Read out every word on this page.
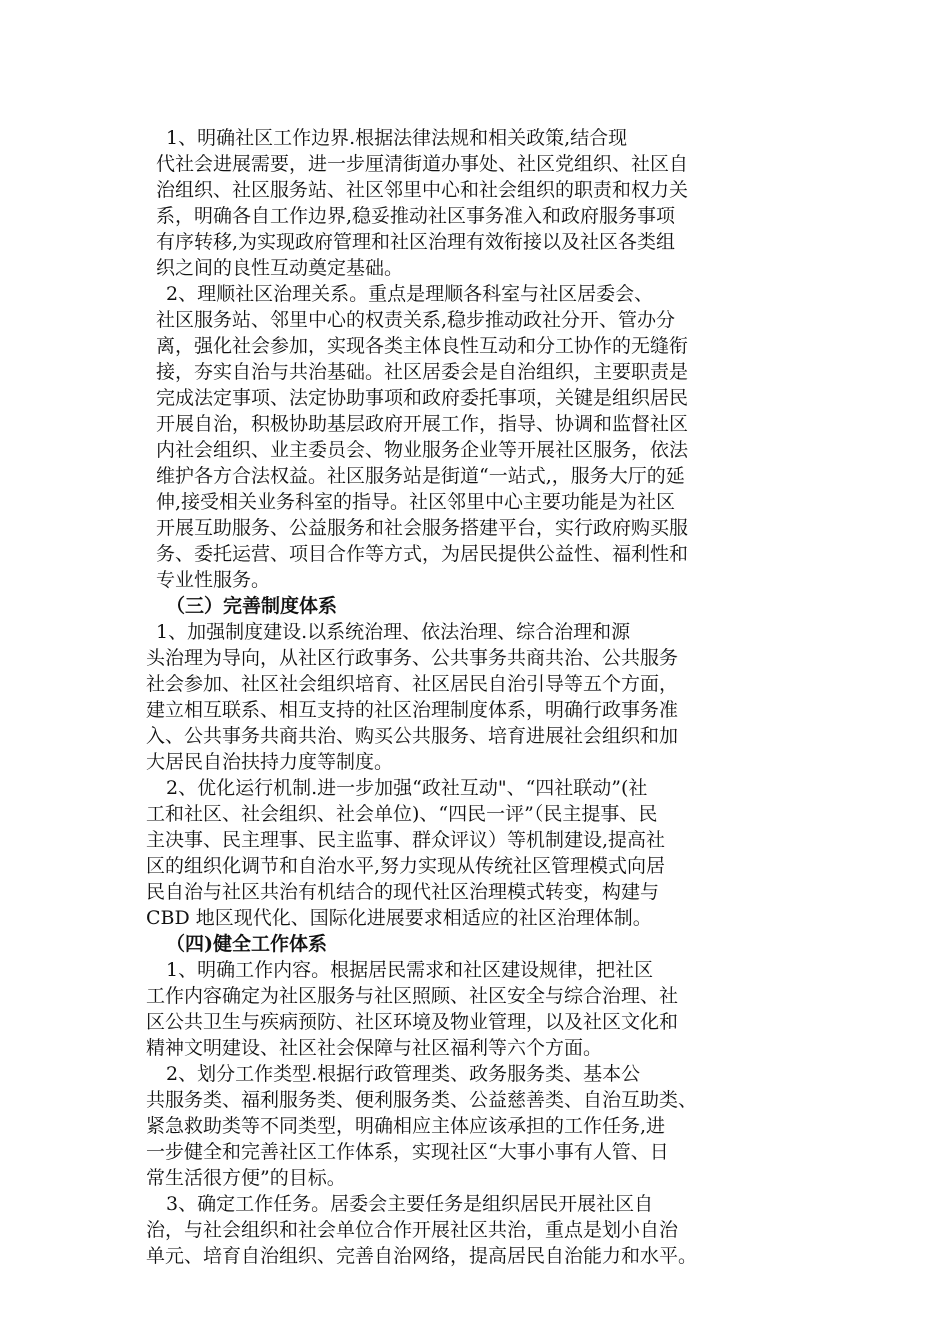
1、明确社区工作边界.根据法律法规和相关政策,结合现
代社会进展需要，进一步厘清街道办事处、社区党组织、社区自
治组织、社区服务站、社区邻里中心和社会组织的职责和权力关
系，明确各自工作边界,稳妥推动社区事务准入和政府服务事项
有序转移,为实现政府管理和社区治理有效衔接以及社区各类组
织之间的良性互动奠定基础。
2、理顺社区治理关系。重点是理顺各科室与社区居委会、
社区服务站、邻里中心的权责关系,稳步推动政社分开、管办分
离，强化社会参加，实现各类主体良性互动和分工协作的无缝衔
接，夯实自治与共治基础。社区居委会是自治组织，主要职责是
完成法定事项、法定协助事项和政府委托事项，关键是组织居民
开展自治，积极协助基层政府开展工作，指导、协调和监督社区
内社会组织、业主委员会、物业服务企业等开展社区服务，依法
维护各方合法权益。社区服务站是街道“一站式,，服务大厅的延
伸,接受相关业务科室的指导。社区邻里中心主要功能是为社区
开展互助服务、公益服务和社会服务搭建平台，实行政府购买服
务、委托运营、项目合作等方式，为居民提供公益性、福利性和
专业性服务。
（三）完善制度体系
1、加强制度建设.以系统治理、依法治理、综合治理和源
头治理为导向，从社区行政事务、公共事务共商共治、公共服务
社会参加、社区社会组织培育、社区居民自治引导等五个方面，
建立相互联系、相互支持的社区治理制度体系，明确行政事务准
入、公共事务共商共治、购买公共服务、培育进展社会组织和加
大居民自治扶持力度等制度。
2、优化运行机制.进一步加强“政社互动"、“四社联动”(社
工和社区、社会组织、社会单位)、“四民一评”（民主提事、民
主决事、民主理事、民主监事、群众评议）等机制建设,提高社
区的组织化调节和自治水平,努力实现从传统社区管理模式向居
民自治与社区共治有机结合的现代社区治理模式转变，构建与
CBD 地区现代化、国际化进展要求相适应的社区治理体制。
（四)健全工作体系
1、明确工作内容。根据居民需求和社区建设规律，把社区
工作内容确定为社区服务与社区照顾、社区安全与综合治理、社
区公共卫生与疾病预防、社区环境及物业管理，以及社区文化和
精神文明建设、社区社会保障与社区福利等六个方面。
2、划分工作类型.根据行政管理类、政务服务类、基本公
共服务类、福利服务类、便利服务类、公益慈善类、自治互助类、
紧急救助类等不同类型，明确相应主体应该承担的工作任务,进
一步健全和完善社区工作体系，实现社区“大事小事有人管、日
常生活很方便”的目标。
3、确定工作任务。居委会主要任务是组织居民开展社区自
治，与社会组织和社会单位合作开展社区共治，重点是划小自治
单元、培育自治组织、完善自治网络，提高居民自治能力和水平。
